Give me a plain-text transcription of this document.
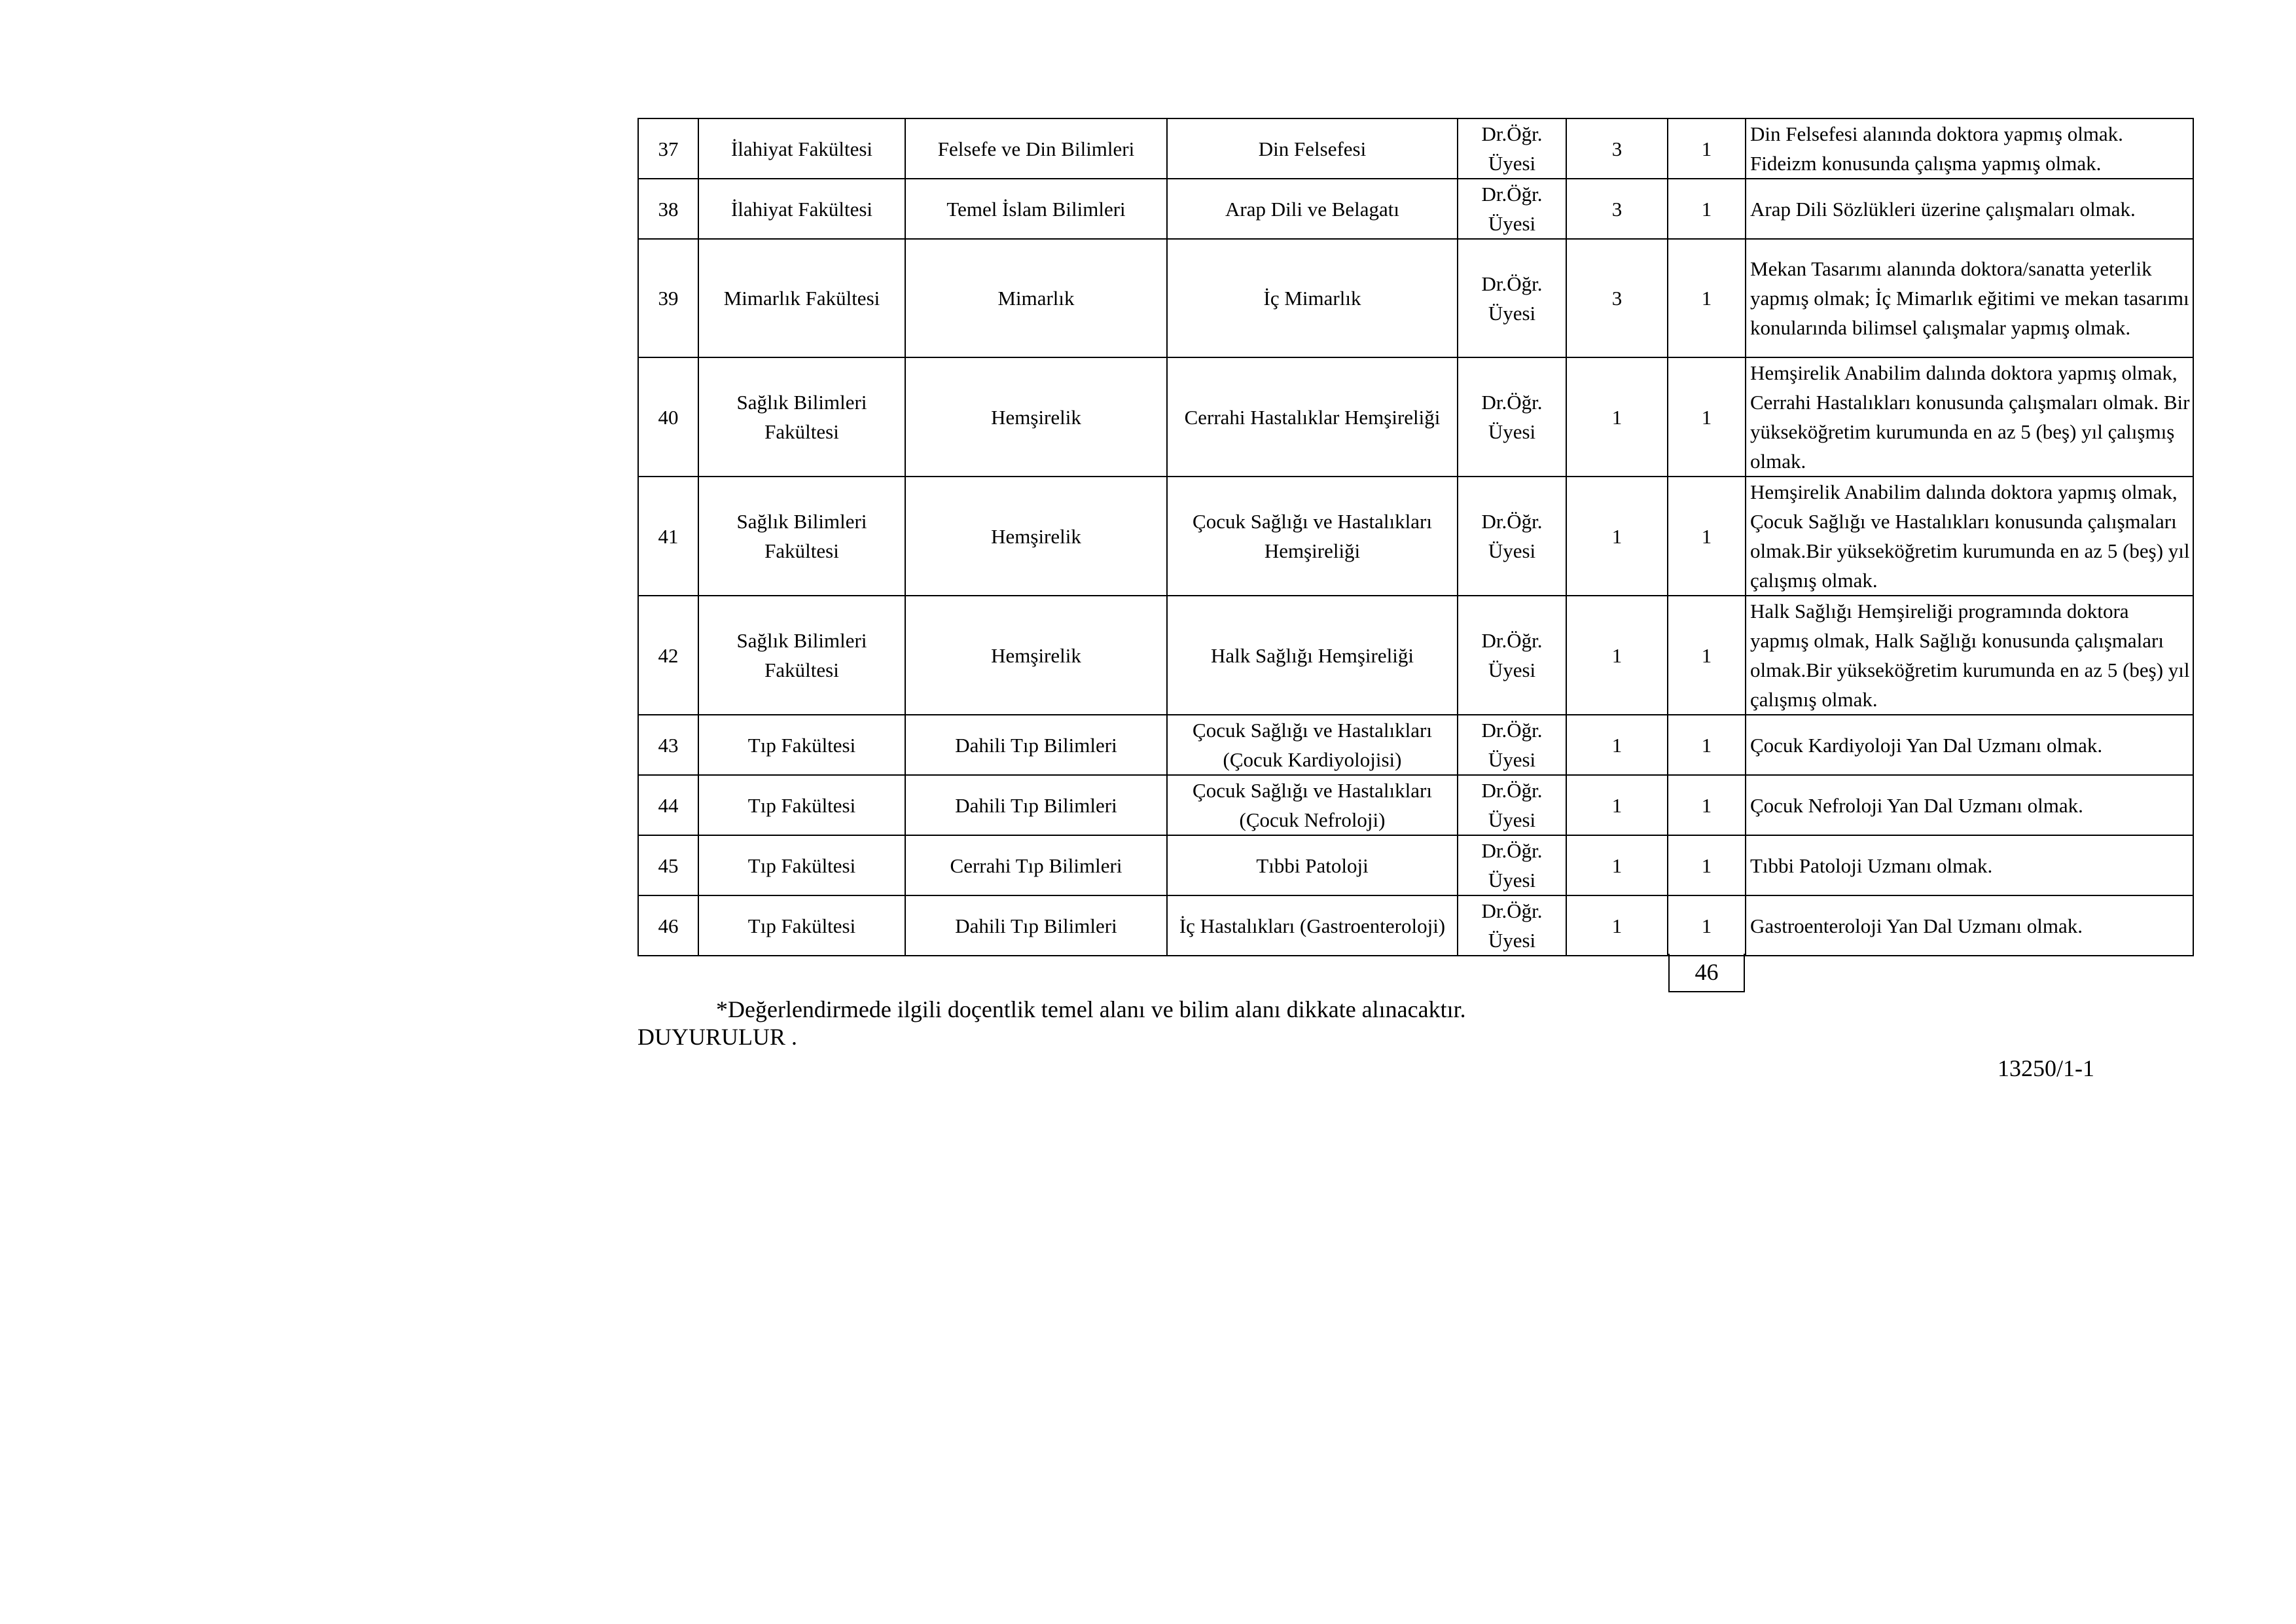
37	İlahiyat Fakültesi	Felsefe ve Din Bilimleri	Din Felsefesi	Dr.Öğr. Üyesi	3	1	Din Felsefesi alanında doktora yapmış olmak. Fideizm konusunda çalışma yapmış olmak.
38	İlahiyat Fakültesi	Temel İslam Bilimleri	Arap Dili ve Belagatı	Dr.Öğr. Üyesi	3	1	Arap Dili Sözlükleri üzerine çalışmaları olmak.
39	Mimarlık Fakültesi	Mimarlık	İç Mimarlık	Dr.Öğr. Üyesi	3	1	Mekan Tasarımı alanında doktora/sanatta yeterlik yapmış olmak; İç Mimarlık eğitimi ve mekan tasarımı konularında bilimsel çalışmalar yapmış olmak.
40	Sağlık Bilimleri Fakültesi	Hemşirelik	Cerrahi Hastalıklar Hemşireliği	Dr.Öğr. Üyesi	1	1	Hemşirelik Anabilim dalında doktora yapmış olmak, Cerrahi Hastalıkları konusunda çalışmaları olmak. Bir yükseköğretim kurumunda en az 5 (beş) yıl çalışmış olmak.
41	Sağlık Bilimleri Fakültesi	Hemşirelik	Çocuk Sağlığı ve Hastalıkları Hemşireliği	Dr.Öğr. Üyesi	1	1	Hemşirelik Anabilim dalında doktora yapmış olmak, Çocuk Sağlığı ve Hastalıkları konusunda çalışmaları olmak.Bir yükseköğretim kurumunda en az 5 (beş) yıl çalışmış olmak.
42	Sağlık Bilimleri Fakültesi	Hemşirelik	Halk Sağlığı Hemşireliği	Dr.Öğr. Üyesi	1	1	Halk Sağlığı Hemşireliği programında doktora yapmış olmak, Halk Sağlığı konusunda çalışmaları olmak.Bir yükseköğretim kurumunda en az 5 (beş) yıl çalışmış olmak.
43	Tıp Fakültesi	Dahili Tıp Bilimleri	Çocuk Sağlığı ve Hastalıkları (Çocuk Kardiyolojisi)	Dr.Öğr. Üyesi	1	1	Çocuk Kardiyoloji Yan Dal Uzmanı olmak.
44	Tıp Fakültesi	Dahili Tıp Bilimleri	Çocuk Sağlığı ve Hastalıkları (Çocuk Nefroloji)	Dr.Öğr. Üyesi	1	1	Çocuk Nefroloji Yan Dal Uzmanı olmak.
45	Tıp Fakültesi	Cerrahi Tıp Bilimleri	Tıbbi Patoloji	Dr.Öğr. Üyesi	1	1	Tıbbi Patoloji Uzmanı olmak.
46	Tıp Fakültesi	Dahili Tıp Bilimleri	İç Hastalıkları (Gastroenteroloji)	Dr.Öğr. Üyesi	1	1	Gastroenteroloji Yan Dal Uzmanı olmak.
46
*Değerlendirmede ilgili doçentlik temel alanı ve bilim alanı dikkate alınacaktır.
DUYURULUR .
13250/1-1
